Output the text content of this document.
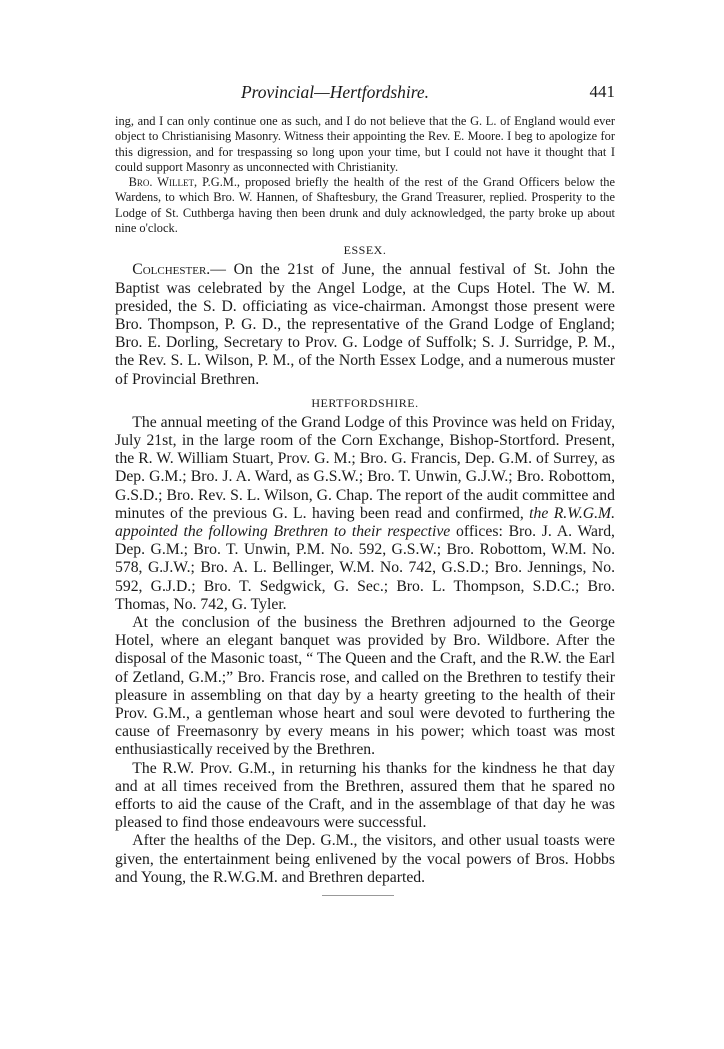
Provincial—Hertfordshire.	441

ing, and I can only continue one as such, and I do not believe that the G. L. of England would ever object to Christianising Masonry. Witness their appointing the Rev. E. Moore. I beg to apologize for this digression, and for trespassing so long upon your time, but I could not have it thought that I could support Masonry as unconnected with Christianity.

Bro. Willet, P.G.M., proposed briefly the health of the rest of the Grand Officers below the Wardens, to which Bro. W. Hannen, of Shaftesbury, the Grand Treasurer, replied. Prosperity to the Lodge of St. Cuthberga having then been drunk and duly acknowledged, the party broke up about nine o'clock.

ESSEX.

Colchester.— On the 21st of June, the annual festival of St. John the Baptist was celebrated by the Angel Lodge, at the Cups Hotel. The W. M. presided, the S. D. officiating as vice-chairman. Amongst those present were Bro. Thompson, P. G. D., the representative of the Grand Lodge of England; Bro. E. Dorling, Secretary to Prov. G. Lodge of Suffolk; S. J. Surridge, P. M., the Rev. S. L. Wilson, P. M., of the North Essex Lodge, and a numerous muster of Provincial Brethren.

HERTFORDSHIRE.

The annual meeting of the Grand Lodge of this Province was held on Friday, July 21st, in the large room of the Corn Exchange, Bishop-Stortford. Present, the R. W. William Stuart, Prov. G. M.; Bro. G. Francis, Dep. G.M. of Surrey, as Dep. G.M.; Bro. J. A. Ward, as G.S.W.; Bro. T. Unwin, G.J.W.; Bro. Robottom, G.S.D.; Bro. Rev. S. L. Wilson, G. Chap. The report of the audit committee and minutes of the previous G. L. having been read and confirmed, the R.W.G.M. appointed the following Brethren to their respective offices: Bro. J. A. Ward, Dep. G.M.; Bro. T. Unwin, P.M. No. 592, G.S.W.; Bro. Robottom, W.M. No. 578, G.J.W.; Bro. A. L. Bellinger, W.M. No. 742, G.S.D.; Bro. Jennings, No. 592, G.J.D.; Bro. T. Sedgwick, G. Sec.; Bro. L. Thompson, S.D.C.; Bro. Thomas, No. 742, G. Tyler.

At the conclusion of the business the Brethren adjourned to the George Hotel, where an elegant banquet was provided by Bro. Wildbore. After the disposal of the Masonic toast, “ The Queen and the Craft, and the R.W. the Earl of Zetland, G.M.;” Bro. Francis rose, and called on the Brethren to testify their pleasure in assembling on that day by a hearty greeting to the health of their Prov. G.M., a gentleman whose heart and soul were devoted to furthering the cause of Freemasonry by every means in his power; which toast was most enthusiastically received by the Brethren.

The R.W. Prov. G.M., in returning his thanks for the kindness he that day and at all times received from the Brethren, assured them that he spared no efforts to aid the cause of the Craft, and in the assemblage of that day he was pleased to find those endeavours were successful.

After the healths of the Dep. G.M., the visitors, and other usual toasts were given, the entertainment being enlivened by the vocal powers of Bros. Hobbs and Young, the R.W.G.M. and Brethren departed.
